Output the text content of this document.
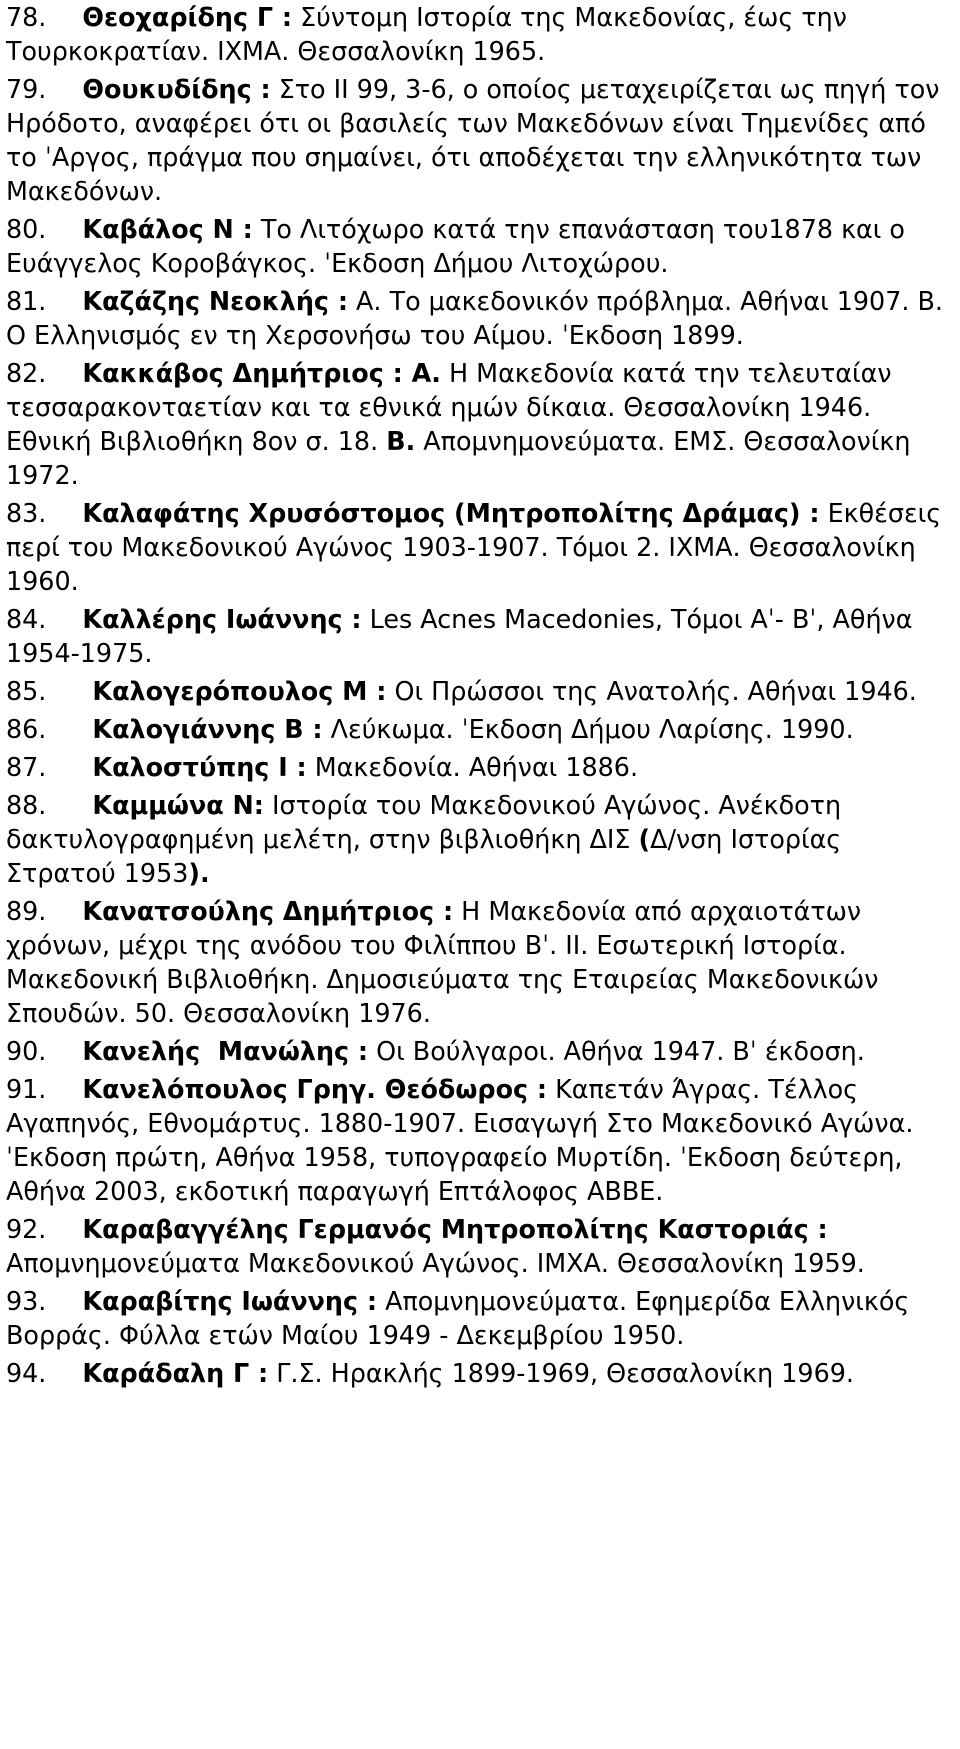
78. Θεοχαρίδης Γ : Σύντομη Ιστορία της Μακεδονίας, έως την Τουρκοκρατίαν. ΙΧΜΑ. Θεσσαλονίκη 1965.

79. Θουκυδίδης : Στο ΙΙ 99, 3-6, ο οποίος μεταχειρίζεται ως πηγή τον Ηρόδοτο, αναφέρει ότι οι βασιλείς των Μακεδόνων είναι Τημενίδες από το ˈΑργος, πράγμα που σημαίνει, ότι αποδέχεται την ελληνικότητα των Μακεδόνων.

80. Καβάλος Ν : Το Λιτόχωρο κατά την επανάσταση του1878 και ο Ευάγγελος Κοροβάγκος. ˈΕκδοση Δήμου Λιτοχώρου.

81. Καζάζης Νεοκλής : Α. Το μακεδονικόν πρόβλημα. Αθήναι 1907. Β. Ο Ελληνισμός εν τη Χερσονήσω του Αίμου. ˈΕκδοση 1899.

82. Κακκάβος Δημήτριος : Α. Η Μακεδονία κατά την τελευταίαν τεσσαρακονταετίαν και τα εθνικά ημών δίκαια. Θεσσαλονίκη 1946. Εθνική Βιβλιοθήκη 8ον σ. 18. Β. Απομνημονεύματα. ΕΜΣ. Θεσσαλονίκη 1972.

83. Καλαφάτης Χρυσόστομος (Μητροπολίτης Δράμας) : Εκθέσεις περί του Μακεδονικού Αγώνος 1903-1907. Τόμοι 2. ΙΧΜΑ. Θεσσαλονίκη 1960.

84. Καλλέρης Ιωάννης : Les Acnes Macedonies, Τόμοι Αˈ- Βˈ, Αθήνα 1954-1975.

85. Καλογερόπουλος Μ : Οι Πρώσσοι της Ανατολής. Αθήναι 1946.

86. Καλογιάννης Β : Λεύκωμα. ˈΕκδοση Δήμου Λαρίσης. 1990.

87. Καλοστύπης Ι : Μακεδονία. Αθήναι 1886.

88. Καμμώνα Ν: Ιστορία του Μακεδονικού Αγώνος. Ανέκδοτη  δακτυλογραφημένη μελέτη, στην βιβλιοθήκη ΔΙΣ (Δ/νση Ιστορίας Στρατού 1953).

89. Κανατσούλης Δημήτριος : Η Μακεδονία από αρχαιοτάτων χρόνων, μέχρι της ανόδου του Φιλίππου Βˈ. ΙΙ. Εσωτερική Ιστορία. Μακεδονική Βιβλιοθήκη. Δημοσιεύματα της Εταιρείας Μακεδονικών Σπουδών. 50. Θεσσαλονίκη 1976.

90. Κανελής  Μανώλης : Οι Βούλγαροι. Αθήνα 1947. Βˈ έκδοση.

91. Κανελόπουλος Γρηγ. Θεόδωρος : Καπετάν Άγρας. Τέλλος Αγαπηνός, Εθνομάρτυς. 1880-1907. Εισαγωγή Στο Μακεδονικό Αγώνα. ˈΕκδοση πρώτη, Αθήνα 1958, τυπογραφείο Μυρτίδη. ˈΕκδοση δεύτερη, Αθήνα 2003, εκδοτική παραγωγή Επτάλοφος ΑΒΒΕ.

92. Καραβαγγέλης Γερμανός Μητροπολίτης Καστοριάς :  Απομνημονεύματα Μακεδονικού Αγώνος. ΙΜΧΑ. Θεσσαλονίκη 1959.

93. Καραβίτης Ιωάννης : Απομνημονεύματα. Εφημερίδα Ελληνικός Βορράς. Φύλλα ετών Μαίου 1949 - Δεκεμβρίου 1950.

94. Καράδαλη Γ : Γ.Σ. Ηρακλής 1899-1969, Θεσσαλονίκη 1969.
